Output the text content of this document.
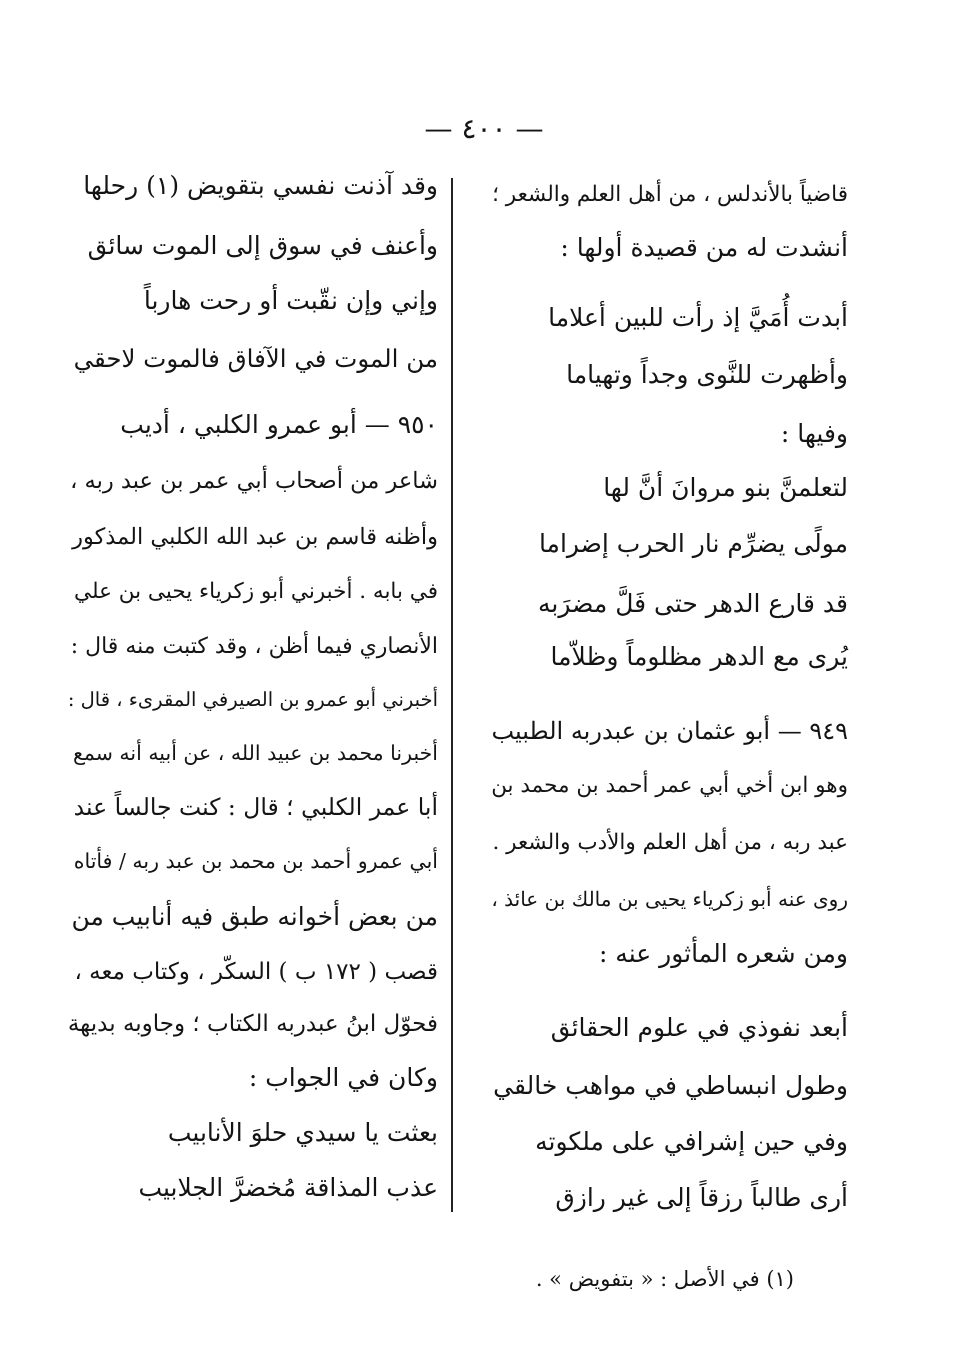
— ٤٠٠ —
قاضياً بالأندلس ، من أهل العلم والشعر ؛
أنشدت له من قصيدة أولها :
أبدت أُمَيَّ إذ رأت للبين أعلاما
وأظهرت للنَّوى وجداً وتهياما
وفيها :
لتعلمنَّ بنو مروانَ أنَّ لها
مولًى يضرِّم نار الحرب إضراما
قد قارع الدهر حتى فَلَّ مضرَبه
يُرى مع الدهر مظلوماً وظلاّما
٩٤٩ — أبو عثمان بن عبدربه الطبيب
وهو ابن أخي أبي عمر أحمد بن محمد بن
عبد ربه ، من أهل العلم والأدب والشعر .
روى عنه أبو زكرياء يحيى بن مالك بن عائذ ،
ومن شعره المأثور عنه :
أبعد نفوذي في علوم الحقائق
وطول انبساطي في مواهب خالقي
وفي حين إشرافي على ملكوته
أرى طالباً رزقاً إلى غير رازق
وقد آذنت نفسي بتقويض (١) رحلها
وأعنف في سوق إلى الموت سائق
وإني وإن نقّبت أو رحت هارباً
من الموت في الآفاق فالموت لاحقي
٩٥٠ — أبو عمرو الكلبي ، أديب
شاعر من أصحاب أبي عمر بن عبد ربه ،
وأظنه قاسم بن عبد الله الكلبي المذكور
في بابه . أخبرني أبو زكرياء يحيى بن علي
الأنصاري فيما أظن ، وقد كتبت منه قال :
أخبرني أبو عمرو بن الصيرفي المقرىء ، قال :
أخبرنا محمد بن عبيد الله ، عن أبيه أنه سمع
أبا عمر الكلبي ؛ قال : كنت جالساً عند
أبي عمرو أحمد بن محمد بن عبد ربه / فأتاه
من بعض أخوانه طبق فيه أنابيب من
قصب ( ١٧٢ ب ) السكّر ، وكتاب معه ،
فحوّل ابنُ عبدربه الكتاب ؛ وجاوبه بديهة
وكان في الجواب :
بعثت يا سيدي حلوَ الأنابيب
عذب المذاقة مُخضرَّ الجلابيب
(١) في الأصل : « بتفويض » .
